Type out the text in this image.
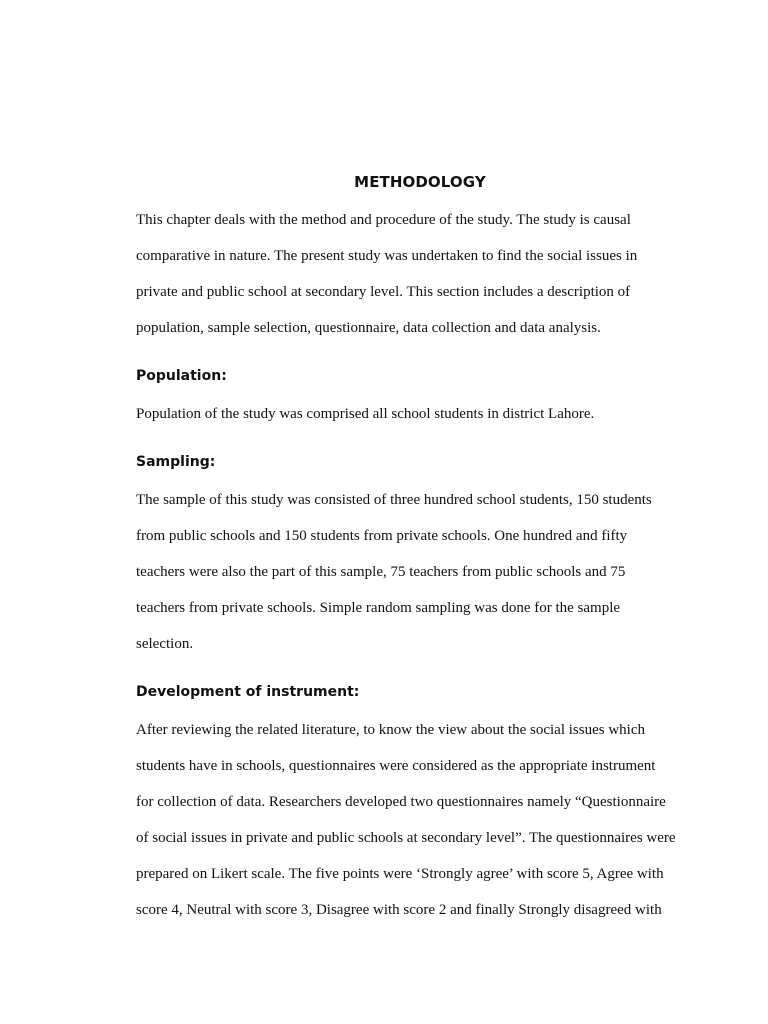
METHODOLOGY
This chapter deals with the method and procedure of the study. The study is causal
comparative in nature. The present study was undertaken to find the social issues in
private and public school at secondary level. This section includes a description of
population, sample selection, questionnaire, data collection and data analysis.
Population:
Population of the study was comprised all school students in district Lahore.
Sampling:
The sample of this study was consisted of three hundred school students, 150 students
from public schools and 150 students from private schools. One hundred and fifty
teachers were also the part of this sample, 75 teachers from public schools and 75
teachers from private schools. Simple random sampling was done for the sample
selection.
Development of instrument:
After reviewing the related literature, to know the view about the social issues which
students have in schools, questionnaires were considered as the appropriate instrument
for collection of data. Researchers developed two questionnaires namely “Questionnaire
of social issues in private and public schools at secondary level”. The questionnaires were
prepared on Likert scale. The five points were ‘Strongly agree’ with score 5, Agree with
score 4, Neutral with score 3, Disagree with score 2 and finally Strongly disagreed with
